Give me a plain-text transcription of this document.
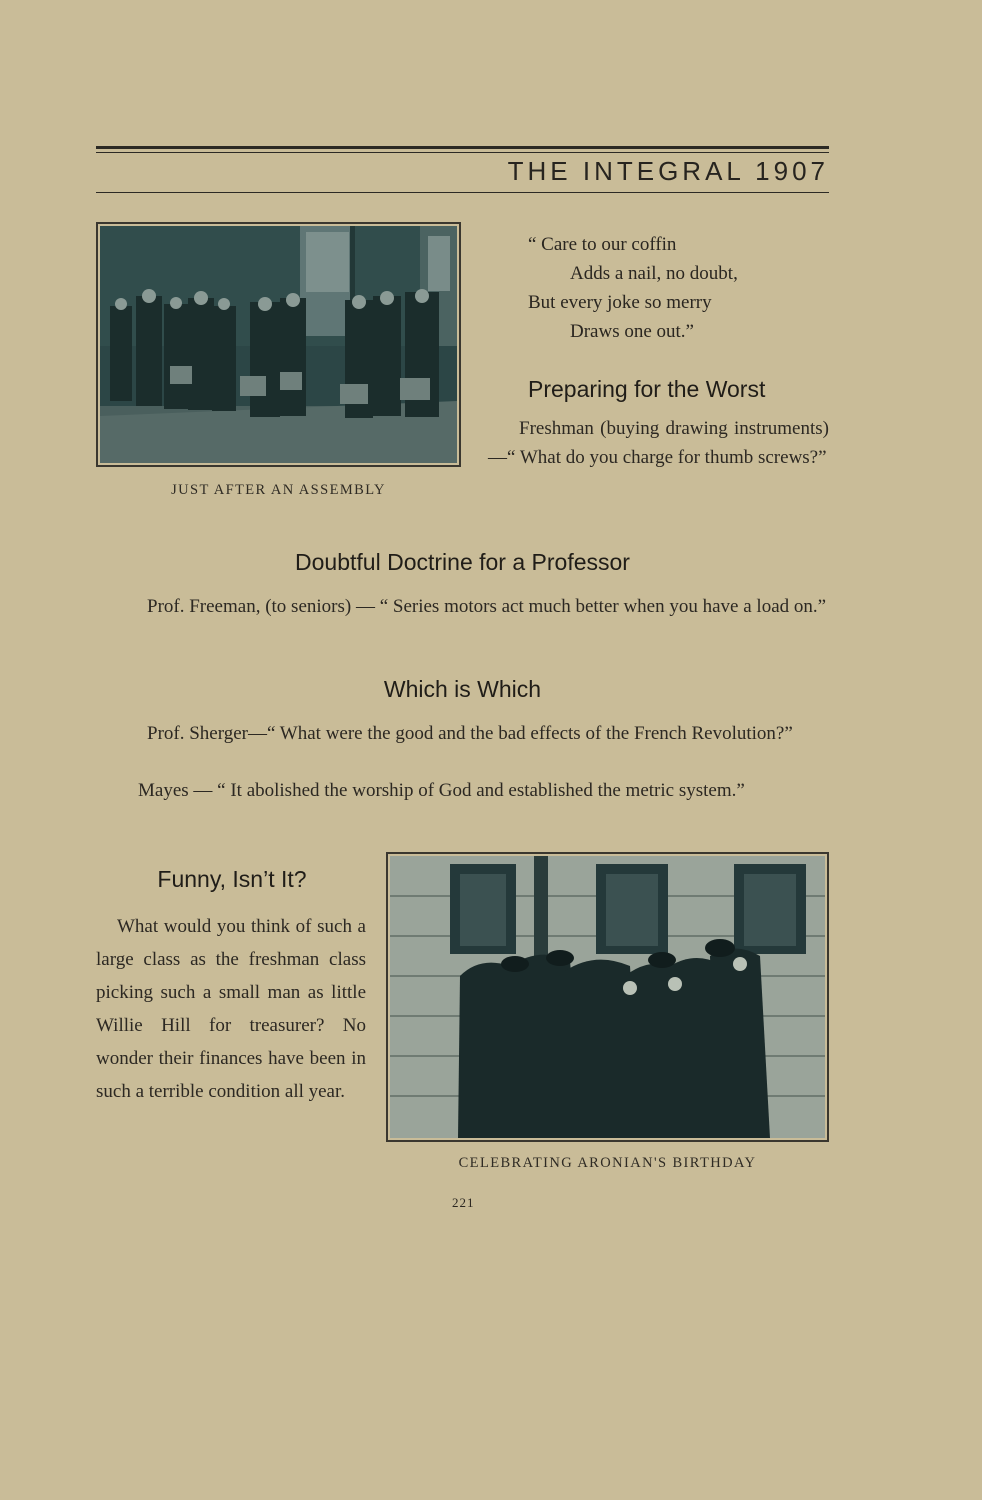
THE INTEGRAL 1907
JUST AFTER AN ASSEMBLY
“ Care to our coffin
Adds a nail, no doubt,
But every joke so merry
Draws one out.”
Preparing for the Worst
Freshman (buying drawing instruments) —“ What do you charge for thumb screws?”
Doubtful Doctrine for a Professor
Prof. Freeman, (to seniors) — “ Series motors act much better when you have a load on.”
Which is Which
Prof. Sherger—“ What were the good and the bad effects of the French Revolution?”
Mayes — “ It abolished the worship of God and established the metric system.”
Funny, Isn’t It?
What would you think of such a large class as the freshman class picking such a small man as little Willie Hill for treasurer? No wonder their finances have been in such a terrible condition all year.
CELEBRATING ARONIAN'S BIRTHDAY
221
